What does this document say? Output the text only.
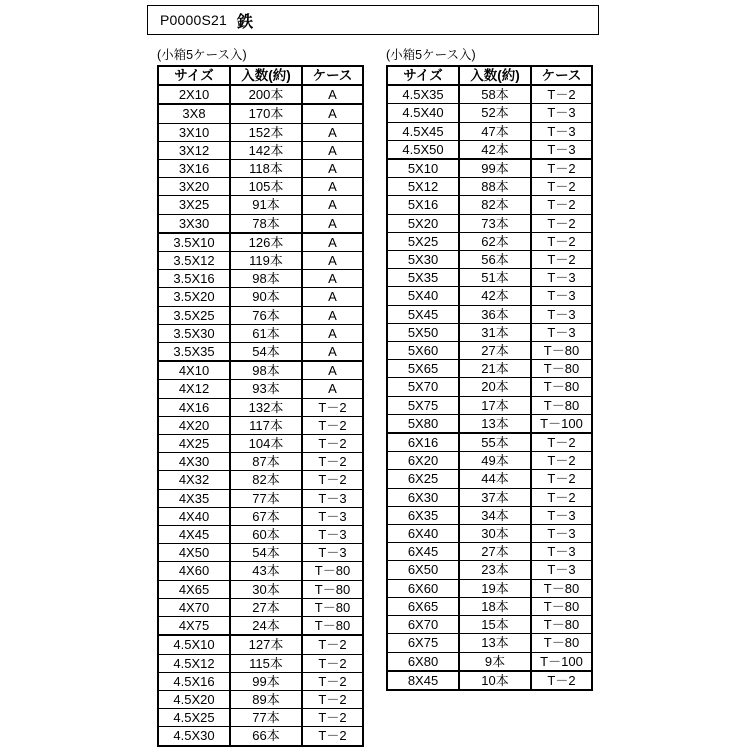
P0000S21 鉄

(小箱5ケース入)

サイズ	入数(約)	ケース
2X10	200本	A
3X8	170本	A
3X10	152本	A
3X12	142本	A
3X16	118本	A
3X20	105本	A
3X25	91本	A
3X30	78本	A
3.5X10	126本	A
3.5X12	119本	A
3.5X16	98本	A
3.5X20	90本	A
3.5X25	76本	A
3.5X30	61本	A
3.5X35	54本	A
4X10	98本	A
4X12	93本	A
4X16	132本	T－2
4X20	117本	T－2
4X25	104本	T－2
4X30	87本	T－2
4X32	82本	T－2
4X35	77本	T－3
4X40	67本	T－3
4X45	60本	T－3
4X50	54本	T－3
4X60	43本	T－80
4X65	30本	T－80
4X70	27本	T－80
4X75	24本	T－80
4.5X10	127本	T－2
4.5X12	115本	T－2
4.5X16	99本	T－2
4.5X20	89本	T－2
4.5X25	77本	T－2
4.5X30	66本	T－2

(小箱5ケース入)

サイズ	入数(約)	ケース
4.5X35	58本	T－2
4.5X40	52本	T－3
4.5X45	47本	T－3
4.5X50	42本	T－3
5X10	99本	T－2
5X12	88本	T－2
5X16	82本	T－2
5X20	73本	T－2
5X25	62本	T－2
5X30	56本	T－2
5X35	51本	T－3
5X40	42本	T－3
5X45	36本	T－3
5X50	31本	T－3
5X60	27本	T－80
5X65	21本	T－80
5X70	20本	T－80
5X75	17本	T－80
5X80	13本	T－100
6X16	55本	T－2
6X20	49本	T－2
6X25	44本	T－2
6X30	37本	T－2
6X35	34本	T－3
6X40	30本	T－3
6X45	27本	T－3
6X50	23本	T－3
6X60	19本	T－80
6X65	18本	T－80
6X70	15本	T－80
6X75	13本	T－80
6X80	9本	T－100
8X45	10本	T－2
